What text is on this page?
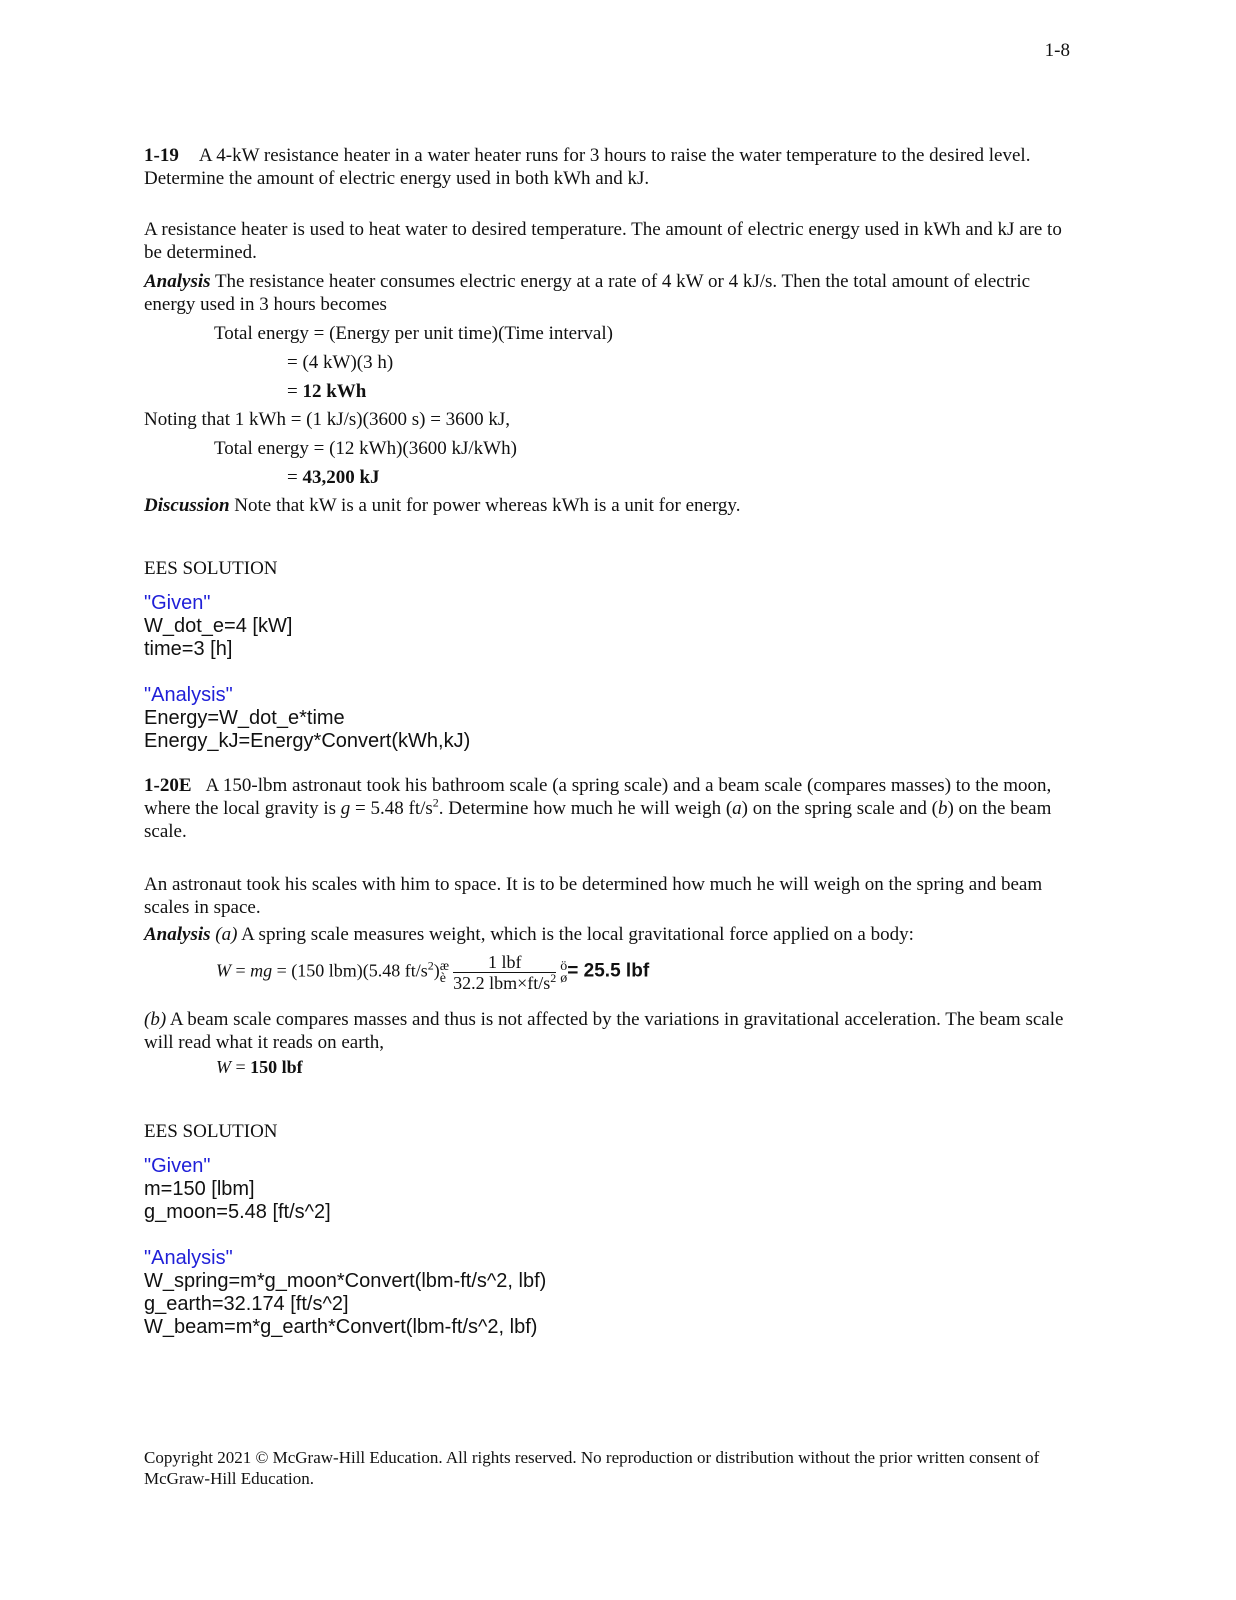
1-8
1-19 A 4-kW resistance heater in a water heater runs for 3 hours to raise the water temperature to the desired level. Determine the amount of electric energy used in both kWh and kJ.
A resistance heater is used to heat water to desired temperature. The amount of electric energy used in kWh and kJ are to be determined.
Analysis The resistance heater consumes electric energy at a rate of 4 kW or 4 kJ/s. Then the total amount of electric energy used in 3 hours becomes
Total energy = (Energy per unit time)(Time interval)
= (4 kW)(3 h)
= 12 kWh
Noting that 1 kWh = (1 kJ/s)(3600 s) = 3600 kJ,
Total energy = (12 kWh)(3600 kJ/kWh)
= 43,200 kJ
Discussion Note that kW is a unit for power whereas kWh is a unit for energy.
EES SOLUTION

"Given"

W_dot_e=4 [kW]

time=3 [h]

"Analysis"

Energy=W_dot_e*time

Energy_kJ=Energy*Convert(kWh,kJ)

1-20E A 150-lbm astronaut took his bathroom scale (a spring scale) and a beam scale (compares masses) to the moon, where the local gravity is g = 5.48 $ft/s^2$. Determine how much he will weigh (a) on the spring scale and (b) on the beam scale.
An astronaut took his scales with him to space. It is to be determined how much he will weigh on the spring and beam scales in space.
Analysis (a) A spring scale measures weight, which is the local gravitational force applied on a body:
W = mg = (150 lbm)(5.48 $ft/s^2)æ$
è $\frac{\text{1 lbf}}{32.2 lbm\times ft/s^2}$ ö
ø= 25.5 lbf
(b) A beam scale compares masses and thus is not affected by the variations in gravitational acceleration. The beam scale will read what it reads on earth,
W = 150 lbf
EES SOLUTION

"Given"

m=150 [lbm]

g_moon=5.48 [ft/s^2]

"Analysis"

W_spring=m*g_moon*Convert(lbm-ft/s^2, lbf)

g_earth=32.174 [ft/s^2]

W_beam=m*g_earth*Convert(lbm-ft/s^2, lbf)

Copyright 2021 © McGraw-Hill Education. All rights reserved. No reproduction or distribution without the prior written consent of McGraw-Hill Education.
